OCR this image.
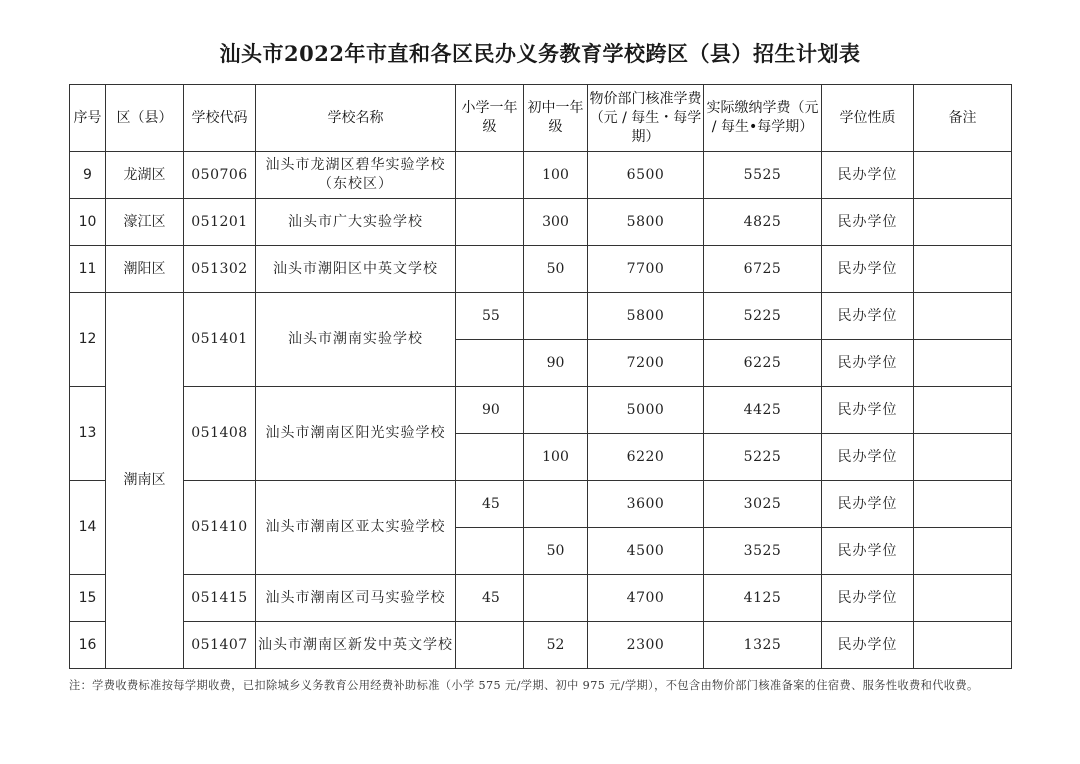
汕头市2022年市直和各区民办义务教育学校跨区（县）招生计划表
序号	区（县）	学校代码	学校名称	小学一年级	初中一年级	物价部门核准学费（元 / 每生・每学期）	实际缴纳学费（元 / 每生•每学期）	学位性质	备注
9	龙湖区	050706	汕头市龙湖区碧华实验学校（东校区）		100	6500	5525	民办学位	
10	濠江区	051201	汕头市广大实验学校		300	5800	4825	民办学位	
11	潮阳区	051302	汕头市潮阳区中英文学校		50	7700	6725	民办学位	
12	潮南区	051401	汕头市潮南实验学校	55		5800	5225	民办学位	
					90	7200	6225	民办学位	
13		051408	汕头市潮南区阳光实验学校	90		5000	4425	民办学位	
					100	6220	5225	民办学位	
14		051410	汕头市潮南区亚太实验学校	45		3600	3025	民办学位	
					50	4500	3525	民办学位	
15		051415	汕头市潮南区司马实验学校	45		4700	4125	民办学位	
16		051407	汕头市潮南区新发中英文学校		52	2300	1325	民办学位	
注：学费收费标准按每学期收费，已扣除城乡义务教育公用经费补助标准（小学 575 元/学期、初中 975 元/学期），不包含由物价部门核准备案的住宿费、服务性收费和代收费。
